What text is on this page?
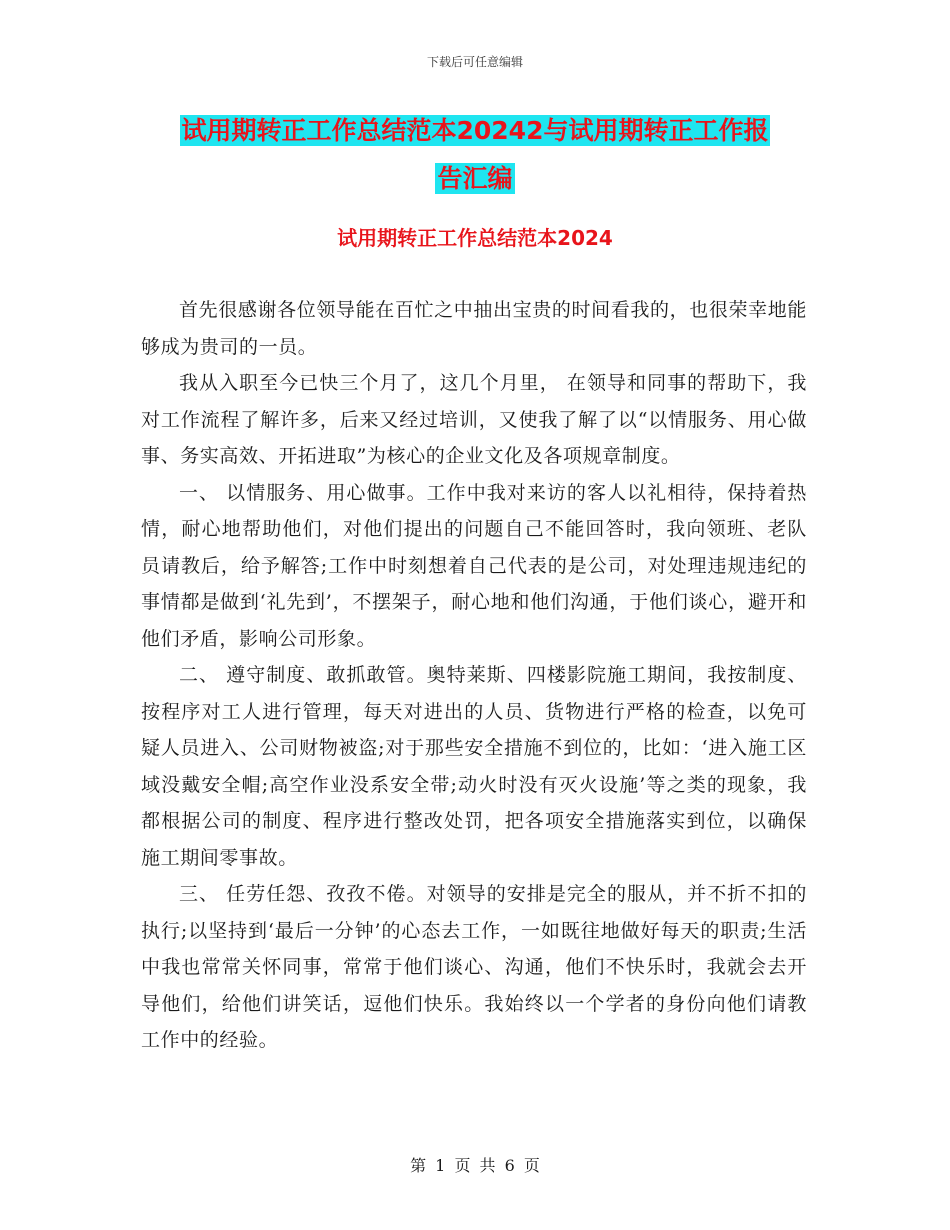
下载后可任意编辑
试用期转正工作总结范本20242与试用期转正工作报
告汇编
试用期转正工作总结范本2024

首先很感谢各位领导能在百忙之中抽出宝贵的时间看我的，也很荣幸地能够成为贵司的一员。

我从入职至今已快三个月了，这几个月里， 在领导和同事的帮助下，我对工作流程了解许多，后来又经过培训，又使我了解了以“以情服务、用心做事、务实高效、开拓进取”为核心的企业文化及各项规章制度。

一、 以情服务、用心做事。工作中我对来访的客人以礼相待，保持着热情，耐心地帮助他们，对他们提出的问题自己不能回答时，我向领班、老队员请教后，给予解答;工作中时刻想着自己代表的是公司，对处理违规违纪的事情都是做到‘礼先到’，不摆架子，耐心地和他们沟通，于他们谈心，避开和他们矛盾，影响公司形象。

二、 遵守制度、敢抓敢管。奥特莱斯、四楼影院施工期间，我按制度、按程序对工人进行管理，每天对进出的人员、货物进行严格的检查，以免可疑人员进入、公司财物被盗;对于那些安全措施不到位的，比如：‘进入施工区域没戴安全帽;高空作业没系安全带;动火时没有灭火设施’等之类的现象，我都根据公司的制度、程序进行整改处罚，把各项安全措施落实到位，以确保施工期间零事故。

三、 任劳任怨、孜孜不倦。对领导的安排是完全的服从，并不折不扣的执行;以坚持到‘最后一分钟’的心态去工作，一如既往地做好每天的职责;生活中我也常常关怀同事，常常于他们谈心、沟通，他们不快乐时，我就会去开导他们，给他们讲笑话，逗他们快乐。我始终以一个学者的身份向他们请教工作中的经验。

第 1 页 共 6 页
